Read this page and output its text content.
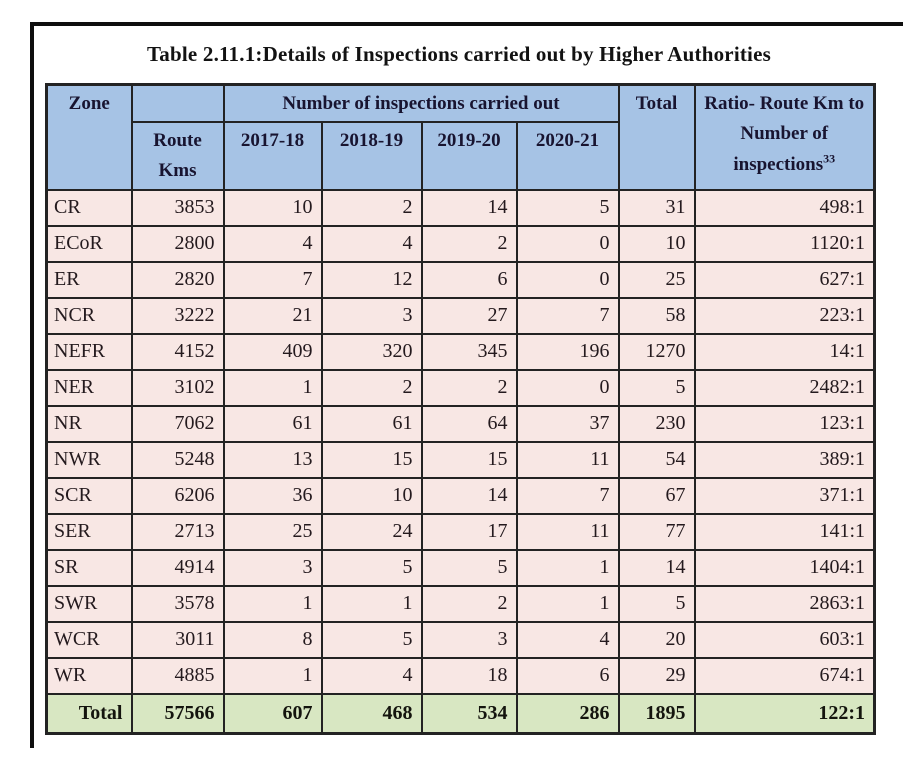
Table 2.11.1:Details of Inspections carried out by Higher Authorities
Zone		Number of inspections carried out				Total	Ratio- Route Km to Number of inspections$^{33}$
	Route Kms	2017-18	2018-19	2019-20	2020-21		
CR	3853	10	2	14	5	31	498:1
ECoR	2800	4	4	2	0	10	1120:1
ER	2820	7	12	6	0	25	627:1
NCR	3222	21	3	27	7	58	223:1
NEFR	4152	409	320	345	196	1270	14:1
NER	3102	1	2	2	0	5	2482:1
NR	7062	61	61	64	37	230	123:1
NWR	5248	13	15	15	11	54	389:1
SCR	6206	36	10	14	7	67	371:1
SER	2713	25	24	17	11	77	141:1
SR	4914	3	5	5	1	14	1404:1
SWR	3578	1	1	2	1	5	2863:1
WCR	3011	8	5	3	4	20	603:1
WR	4885	1	4	18	6	29	674:1
Total	57566	607	468	534	286	1895	122:1
